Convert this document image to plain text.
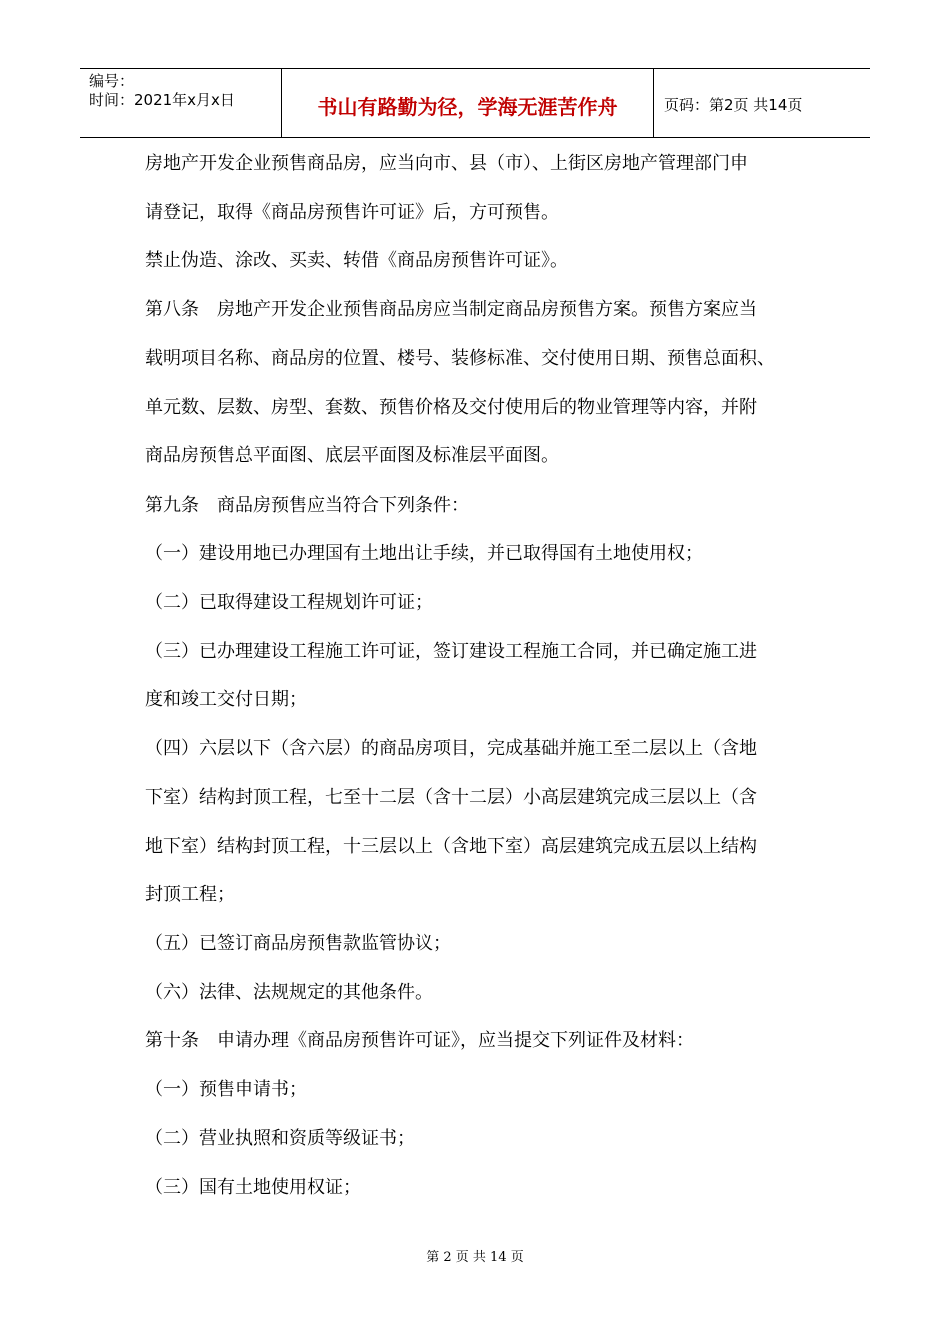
编号：
时间：2021年x月x日	书山有路勤为径，学海无涯苦作舟	页码：第2页 共14页
房地产开发企业预售商品房，应当向市、县（市）、上街区房地产管理部门申
请登记，取得《商品房预售许可证》后，方可预售。
禁止伪造、涂改、买卖、转借《商品房预售许可证》。
第八条　房地产开发企业预售商品房应当制定商品房预售方案。预售方案应当
载明项目名称、商品房的位置、楼号、装修标准、交付使用日期、预售总面积、
单元数、层数、房型、套数、预售价格及交付使用后的物业管理等内容，并附
商品房预售总平面图、底层平面图及标准层平面图。
第九条　商品房预售应当符合下列条件：
（一）建设用地已办理国有土地出让手续，并已取得国有土地使用权；
（二）已取得建设工程规划许可证；
（三）已办理建设工程施工许可证，签订建设工程施工合同，并已确定施工进
度和竣工交付日期；
（四）六层以下（含六层）的商品房项目，完成基础并施工至二层以上（含地
下室）结构封顶工程，七至十二层（含十二层）小高层建筑完成三层以上（含
地下室）结构封顶工程，十三层以上（含地下室）高层建筑完成五层以上结构
封顶工程；
（五）已签订商品房预售款监管协议；
（六）法律、法规规定的其他条件。
第十条　申请办理《商品房预售许可证》，应当提交下列证件及材料：
（一）预售申请书；
（二）营业执照和资质等级证书；
（三）国有土地使用权证；
第 2 页 共 14 页
